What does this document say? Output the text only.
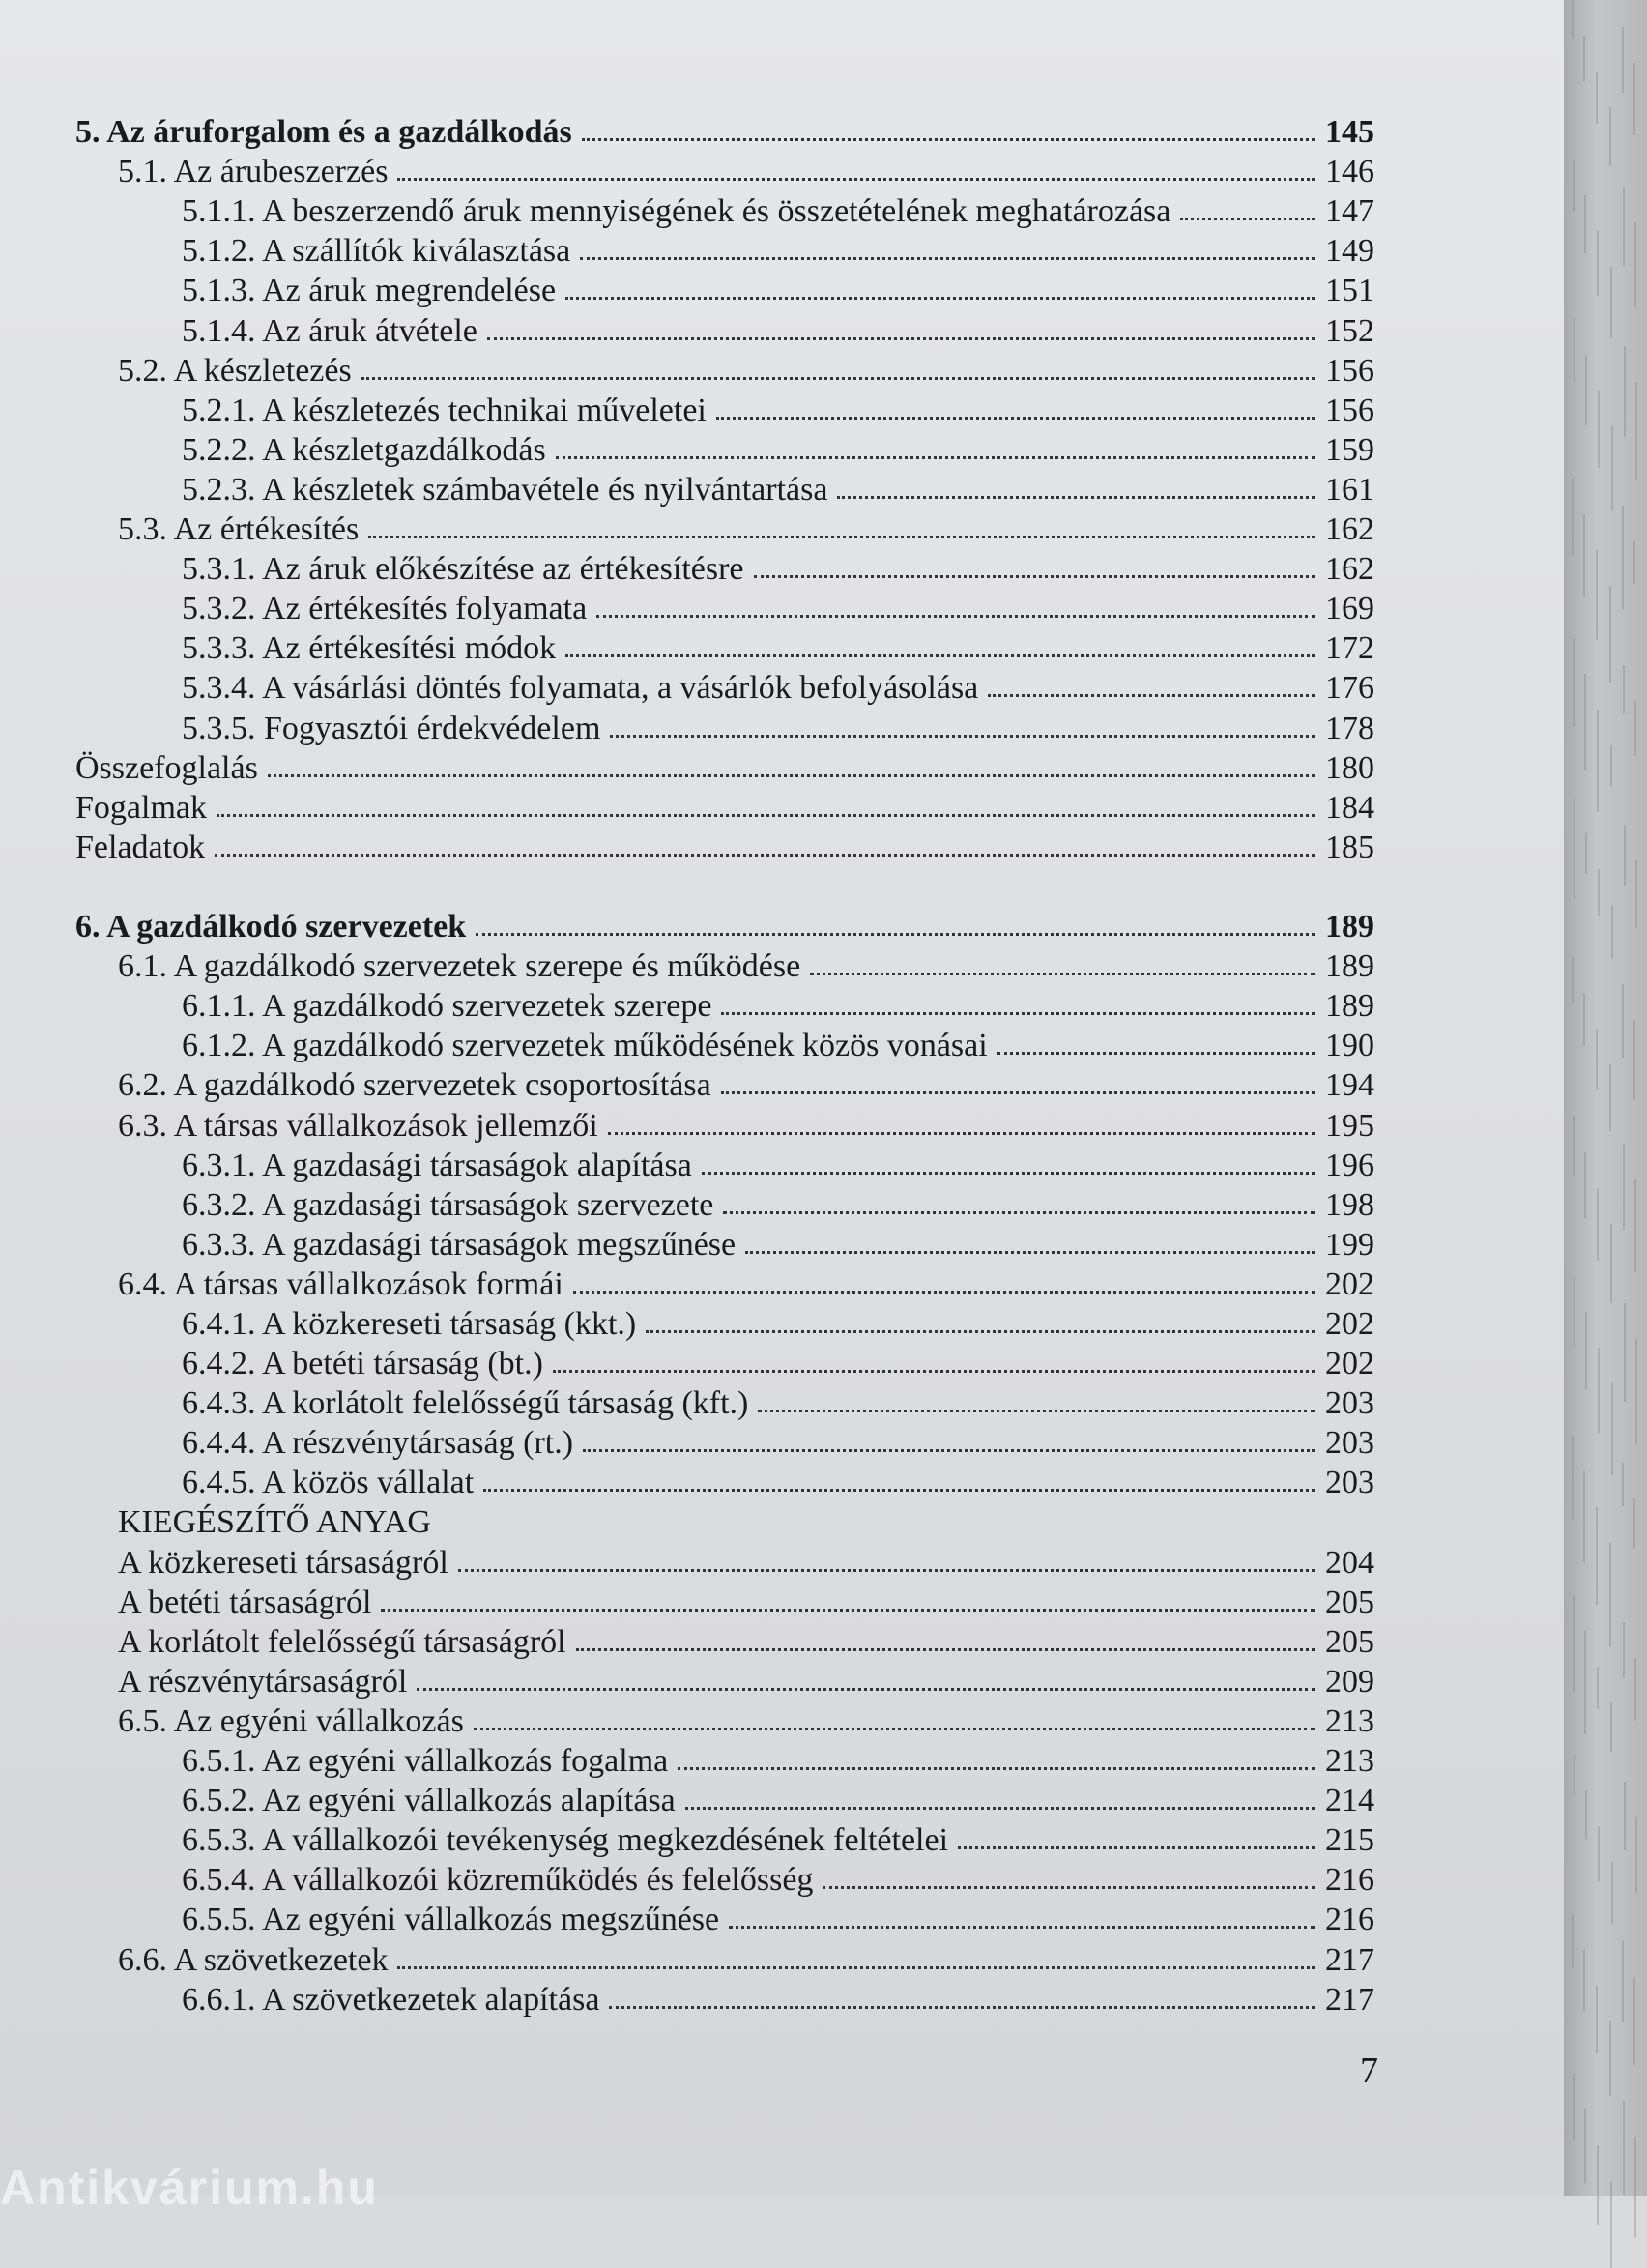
5. Az áruforgalom és a gazdálkodás	145
5.1. Az árubeszerzés	146
5.1.1. A beszerzendő áruk mennyiségének és összetételének meghatározása	147
5.1.2. A szállítók kiválasztása	149
5.1.3. Az áruk megrendelése	151
5.1.4. Az áruk átvétele	152
5.2. A készletezés	156
5.2.1. A készletezés technikai műveletei	156
5.2.2. A készletgazdálkodás	159
5.2.3. A készletek számbavétele és nyilvántartása	161
5.3. Az értékesítés	162
5.3.1. Az áruk előkészítése az értékesítésre	162
5.3.2. Az értékesítés folyamata	169
5.3.3. Az értékesítési módok	172
5.3.4. A vásárlási döntés folyamata, a vásárlók befolyásolása	176
5.3.5. Fogyasztói érdekvédelem	178
Összefoglalás	180
Fogalmak	184
Feladatok	185
6. A gazdálkodó szervezetek	189
6.1. A gazdálkodó szervezetek szerepe és működése	189
6.1.1. A gazdálkodó szervezetek szerepe	189
6.1.2. A gazdálkodó szervezetek működésének közös vonásai	190
6.2. A gazdálkodó szervezetek csoportosítása	194
6.3. A társas vállalkozások jellemzői	195
6.3.1. A gazdasági társaságok alapítása	196
6.3.2. A gazdasági társaságok szervezete	198
6.3.3. A gazdasági társaságok megszűnése	199
6.4. A társas vállalkozások formái	202
6.4.1. A közkereseti társaság (kkt.)	202
6.4.2. A betéti társaság (bt.)	202
6.4.3. A korlátolt felelősségű társaság (kft.)	203
6.4.4. A részvénytársaság (rt.)	203
6.4.5. A közös vállalat	203
KIEGÉSZÍTŐ ANYAG
A közkereseti társaságról	204
A betéti társaságról	205
A korlátolt felelősségű társaságról	205
A részvénytársaságról	209
6.5. Az egyéni vállalkozás	213
6.5.1. Az egyéni vállalkozás fogalma	213
6.5.2. Az egyéni vállalkozás alapítása	214
6.5.3. A vállalkozói tevékenység megkezdésének feltételei	215
6.5.4. A vállalkozói közreműködés és felelősség	216
6.5.5. Az egyéni vállalkozás megszűnése	216
6.6. A szövetkezetek	217
6.6.1. A szövetkezetek alapítása	217
7
Antikvárium.hu
